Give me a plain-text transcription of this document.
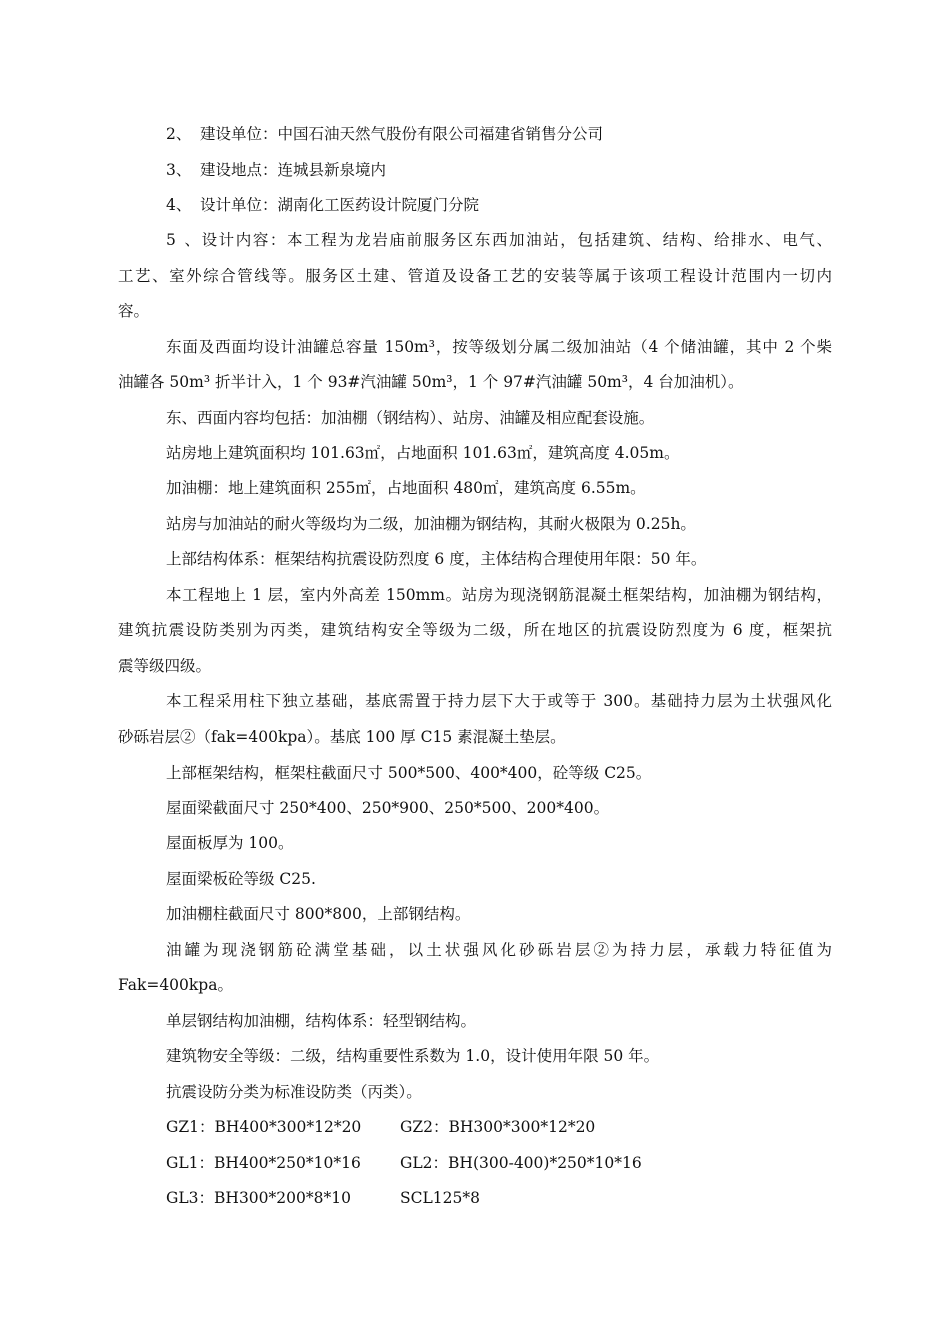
2、 建设单位：中国石油天然气股份有限公司福建省销售分公司
3、 建设地点：连城县新泉境内
4、 设计单位：湖南化工医药设计院厦门分院
5、设计内容：本工程为龙岩庙前服务区东西加油站，包括建筑、结构、给排水、电气、
工艺、室外综合管线等。服务区土建、管道及设备工艺的安装等属于该项工程设计范围内一切内
容。
东面及西面均设计油罐总容量 150m³，按等级划分属二级加油站（4 个储油罐，其中 2 个柴
油罐各 50m³ 折半计入，1 个 93#汽油罐 50m³，1 个 97#汽油罐 50m³，4 台加油机）。
东、西面内容均包括：加油棚（钢结构）、站房、油罐及相应配套设施。
站房地上建筑面积均 101.63㎡，占地面积 101.63㎡，建筑高度 4.05m。
加油棚：地上建筑面积 255㎡，占地面积 480㎡，建筑高度 6.55m。
站房与加油站的耐火等级均为二级，加油棚为钢结构，其耐火极限为 0.25h。
上部结构体系：框架结构抗震设防烈度 6 度，主体结构合理使用年限：50 年。
本工程地上 1 层，室内外高差 150mm。站房为现浇钢筋混凝土框架结构，加油棚为钢结构，
建筑抗震设防类别为丙类，建筑结构安全等级为二级，所在地区的抗震设防烈度为 6 度，框架抗
震等级四级。
本工程采用柱下独立基础，基底需置于持力层下大于或等于 300。基础持力层为土状强风化
砂砾岩层②（fak=400kpa）。基底 100 厚 C15 素混凝土垫层。
上部框架结构，框架柱截面尺寸 500*500、400*400，砼等级 C25。
屋面梁截面尺寸 250*400、250*900、250*500、200*400。
屋面板厚为 100。
屋面梁板砼等级 C25.
加油棚柱截面尺寸 800*800，上部钢结构。
油罐为现浇钢筋砼满堂基础，以土状强风化砂砾岩层②为持力层，承载力特征值为
Fak=400kpa。
单层钢结构加油棚，结构体系：轻型钢结构。
建筑物安全等级：二级，结构重要性系数为 1.0，设计使用年限 50 年。
抗震设防分类为标准设防类（丙类）。
GZ1：BH400*300*12*20 GZ2：BH300*300*12*20
GL1：BH400*250*10*16	GL2：BH(300-400)*250*10*16
GL3：BH300*200*8*10	SCL125*8
